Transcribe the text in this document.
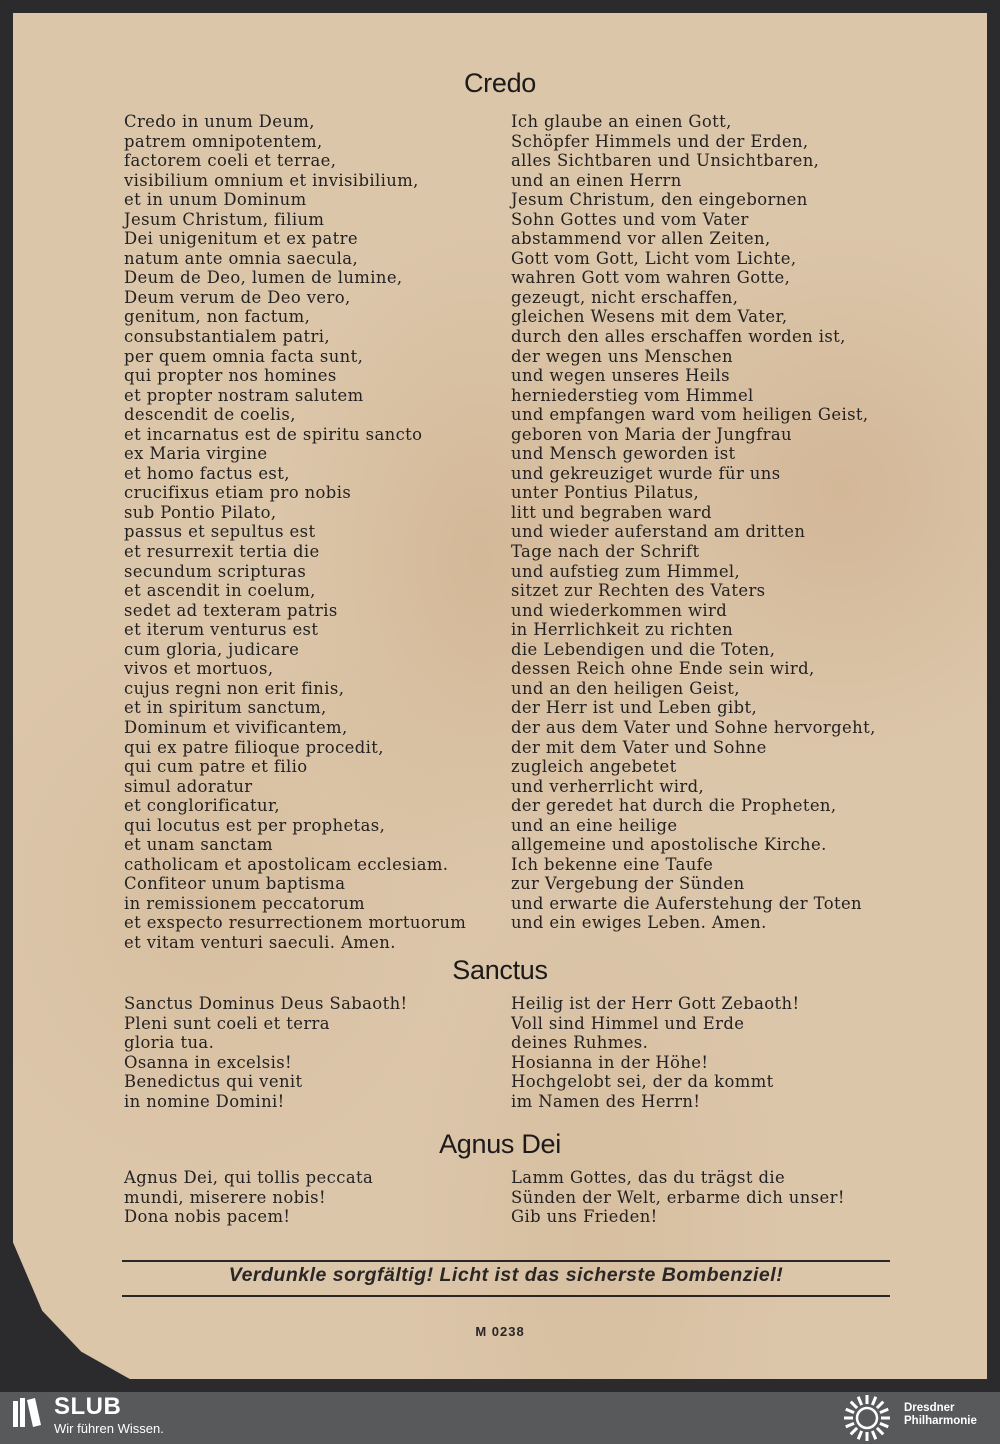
Credo
Credo in unum Deum,
patrem omnipotentem,
factorem coeli et terrae,
visibilium omnium et invisibilium,
et in unum Dominum
Jesum Christum, filium
Dei unigenitum et ex patre
natum ante omnia saecula,
Deum de Deo, lumen de lumine,
Deum verum de Deo vero,
genitum, non factum,
consubstantialem patri,
per quem omnia facta sunt,
qui propter nos homines
et propter nostram salutem
descendit de coelis,
et incarnatus est de spiritu sancto
ex Maria virgine
et homo factus est,
crucifixus etiam pro nobis
sub Pontio Pilato,
passus et sepultus est
et resurrexit tertia die
secundum scripturas
et ascendit in coelum,
sedet ad texteram patris
et iterum venturus est
cum gloria, judicare
vivos et mortuos,
cujus regni non erit finis,
et in spiritum sanctum,
Dominum et vivificantem,
qui ex patre filioque procedit,
qui cum patre et filio
simul adoratur
et conglorificatur,
qui locutus est per prophetas,
et unam sanctam
catholicam et apostolicam ecclesiam.
Confiteor unum baptisma
in remissionem peccatorum
et exspecto resurrectionem mortuorum
et vitam venturi saeculi. Amen.
Ich glaube an einen Gott,
Schöpfer Himmels und der Erden,
alles Sichtbaren und Unsichtbaren,
und an einen Herrn
Jesum Christum, den eingebornen
Sohn Gottes und vom Vater
abstammend vor allen Zeiten,
Gott vom Gott, Licht vom Lichte,
wahren Gott vom wahren Gotte,
gezeugt, nicht erschaffen,
gleichen Wesens mit dem Vater,
durch den alles erschaffen worden ist,
der wegen uns Menschen
und wegen unseres Heils
herniederstieg vom Himmel
und empfangen ward vom heiligen Geist,
geboren von Maria der Jungfrau
und Mensch geworden ist
und gekreuziget wurde für uns
unter Pontius Pilatus,
litt und begraben ward
und wieder auferstand am dritten
Tage nach der Schrift
und aufstieg zum Himmel,
sitzet zur Rechten des Vaters
und wiederkommen wird
in Herrlichkeit zu richten
die Lebendigen und die Toten,
dessen Reich ohne Ende sein wird,
und an den heiligen Geist,
der Herr ist und Leben gibt,
der aus dem Vater und Sohne hervorgeht,
der mit dem Vater und Sohne
zugleich angebetet
und verherrlicht wird,
der geredet hat durch die Propheten,
und an eine heilige
allgemeine und apostolische Kirche.
Ich bekenne eine Taufe
zur Vergebung der Sünden
und erwarte die Auferstehung der Toten
und ein ewiges Leben. Amen.
Sanctus
Sanctus Dominus Deus Sabaoth!
Pleni sunt coeli et terra
gloria tua.
Osanna in excelsis!
Benedictus qui venit
in nomine Domini!
Heilig ist der Herr Gott Zebaoth!
Voll sind Himmel und Erde
deines Ruhmes.
Hosianna in der Höhe!
Hochgelobt sei, der da kommt
im Namen des Herrn!
Agnus Dei
Agnus Dei, qui tollis peccata
mundi, miserere nobis!
Dona nobis pacem!
Lamm Gottes, das du trägst die
Sünden der Welt, erbarme dich unser!
Gib uns Frieden!
Verdunkle sorgfältig! Licht ist das sicherste Bombenziel!
M 0238
SLUB
Wir führen Wissen.
Dresdner
Philharmonie
